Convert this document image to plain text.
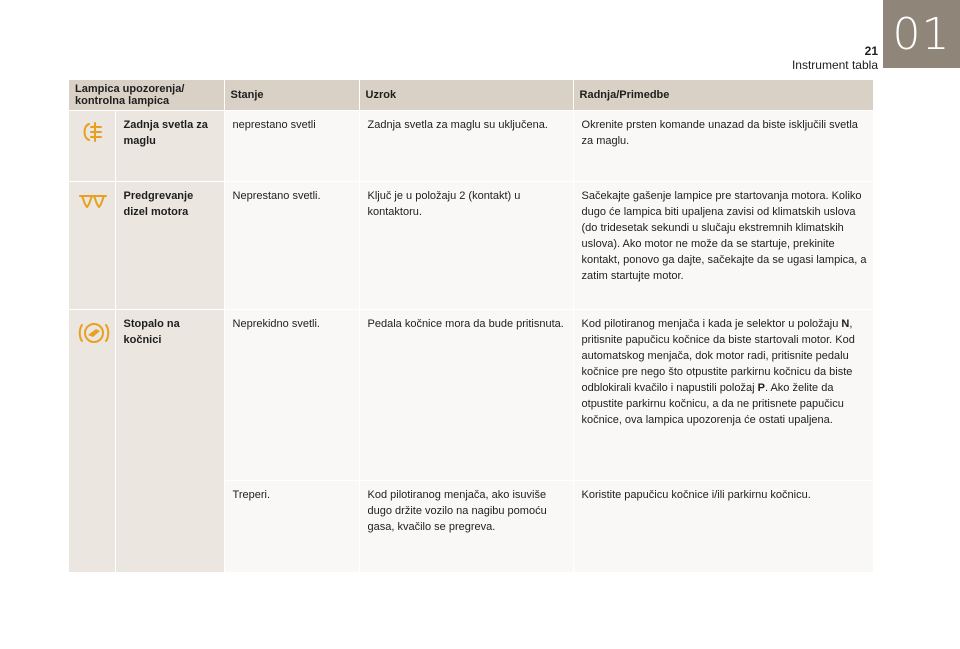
01
21
Instrument tabla
Lampica upozorenja/ kontrolna lampica		Stanje	Uzrok	Radnja/Primedbe

	Zadnja svetla za maglu	neprestano svetli	Zadnja svetla za maglu su uključena.	Okrenite prsten komande unazad da biste isključili svetla za maglu.

	Predgrevanje dizel motora	Neprestano svetli.	Ključ je u položaju 2 (kontakt) u kontaktoru.	Sačekajte gašenje lampice pre startovanja motora. Koliko dugo će lampica biti upaljena zavisi od klimatskih uslova (do tridesetak sekundi u slučaju ekstremnih klimatskih uslova). Ako motor ne može da se startuje, prekinite kontakt, ponovo ga dajte, sačekajte da se ugasi lampica, a zatim startujte motor.

	Stopalo na kočnici	Neprekidno svetli.	Pedala kočnice mora da bude pritisnuta.	Kod pilotiranog menjača i kada je selektor u položaju N, pritisnite papučicu kočnice da biste startovali motor. Kod automatskog menjača, dok motor radi, pritisnite pedalu kočnice pre nego što otpustite parkirnu kočnicu da biste odblokirali kvačilo i napustili položaj P. Ako želite da otpustite parkirnu kočnicu, a da ne pritisnete papučicu kočnice, ova lampica upozorenja će ostati upaljena.
		Treperi.	Kod pilotiranog menjača, ako isuviše dugo držite vozilo na nagibu pomoću gasa, kvačilo se pregreva.	Koristite papučicu kočnice i/ili parkirnu kočnicu.
